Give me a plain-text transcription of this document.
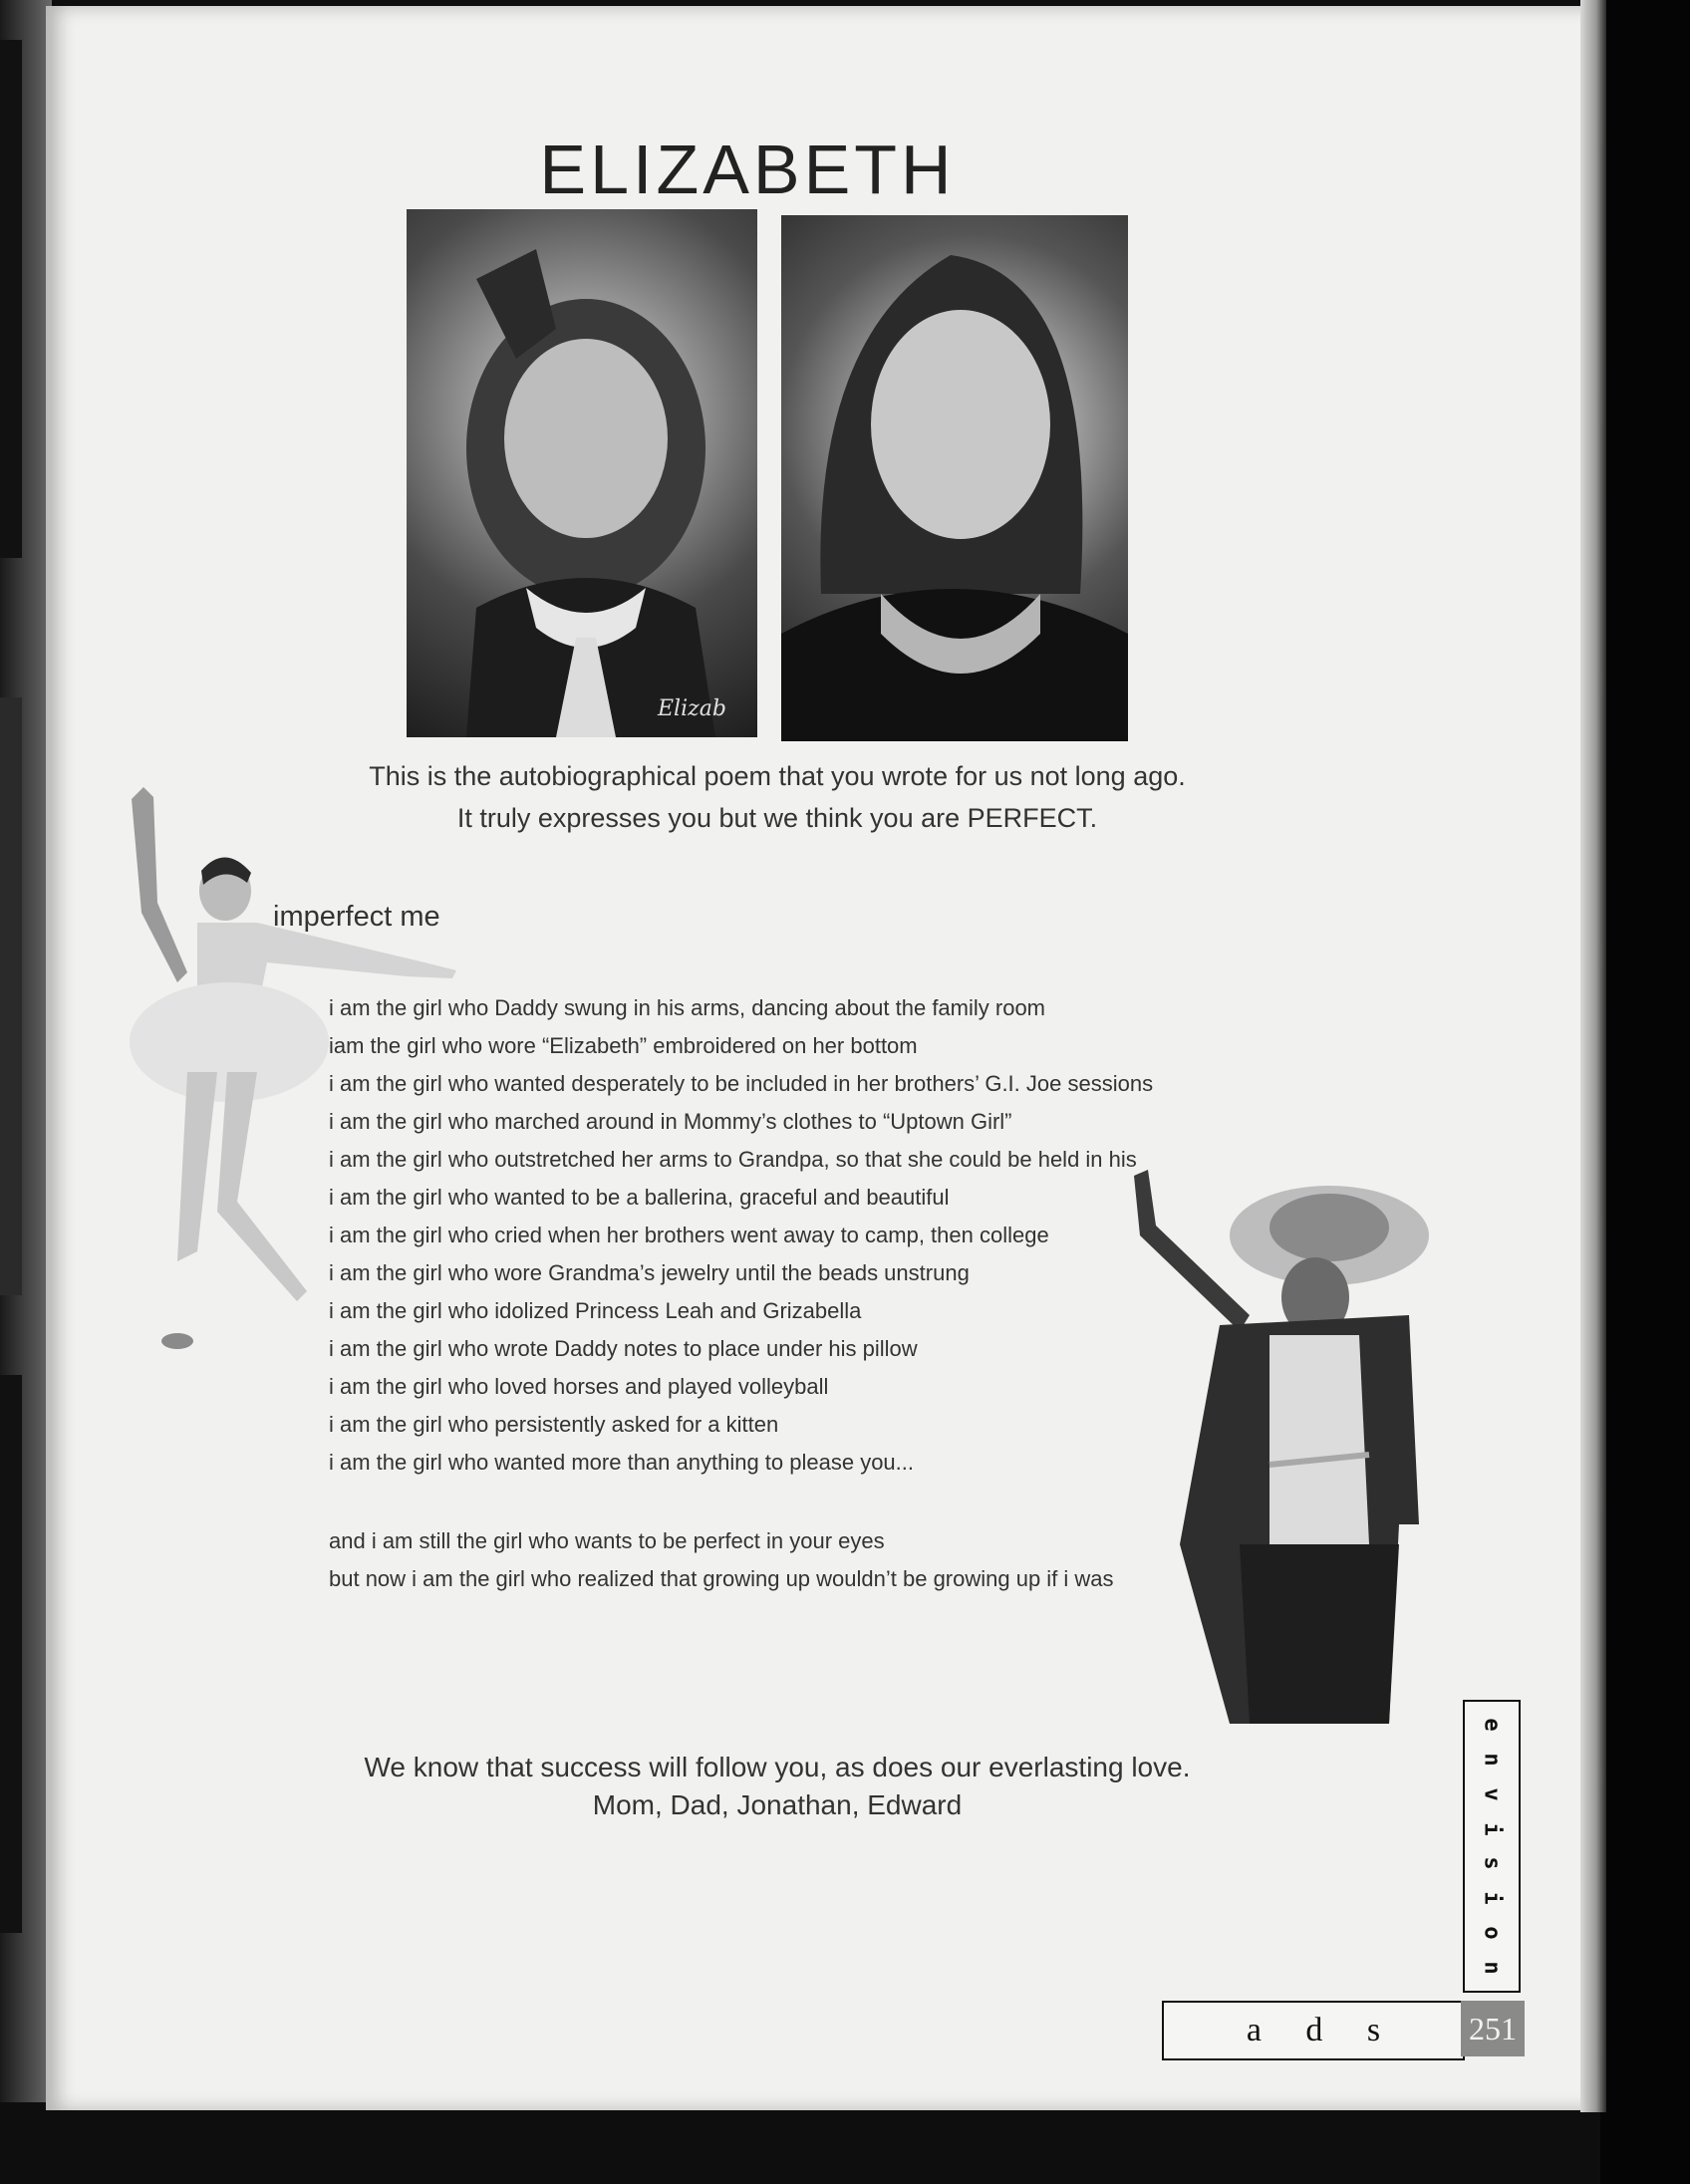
ELIZABETH
Elizab

This is the autobiographical poem that you wrote for us not long ago.

It truly expresses you but we think you are PERFECT.

imperfect me
i am the girl who Daddy swung in his arms, dancing about the family room
iam the girl who wore “Elizabeth” embroidered on her bottom
i am the girl who wanted desperately to be included in her brothers’ G.I. Joe sessions
i am the girl who marched around in Mommy’s clothes to “Uptown Girl”
i am the girl who outstretched her arms to Grandpa, so that she could be held in his
i am the girl who wanted to be a ballerina, graceful and beautiful
i am the girl who cried when her brothers went away to camp, then college
i am the girl who wore Grandma’s jewelry until the beads unstrung
i am the girl who idolized Princess Leah and Grizabella
i am the girl who wrote Daddy notes to place under his pillow
i am the girl who loved horses and played volleyball
i am the girl who persistently asked for a kitten
i am the girl who wanted more than anything to please you...
and i am still the girl who wants to be perfect in your eyes
but now i am the girl who realized that growing up wouldn’t be growing up if i was

We know that success will follow you, as does our everlasting love.

Mom, Dad, Jonathan, Edward

e
n
v
i
s
i
o
n
a d s 251
